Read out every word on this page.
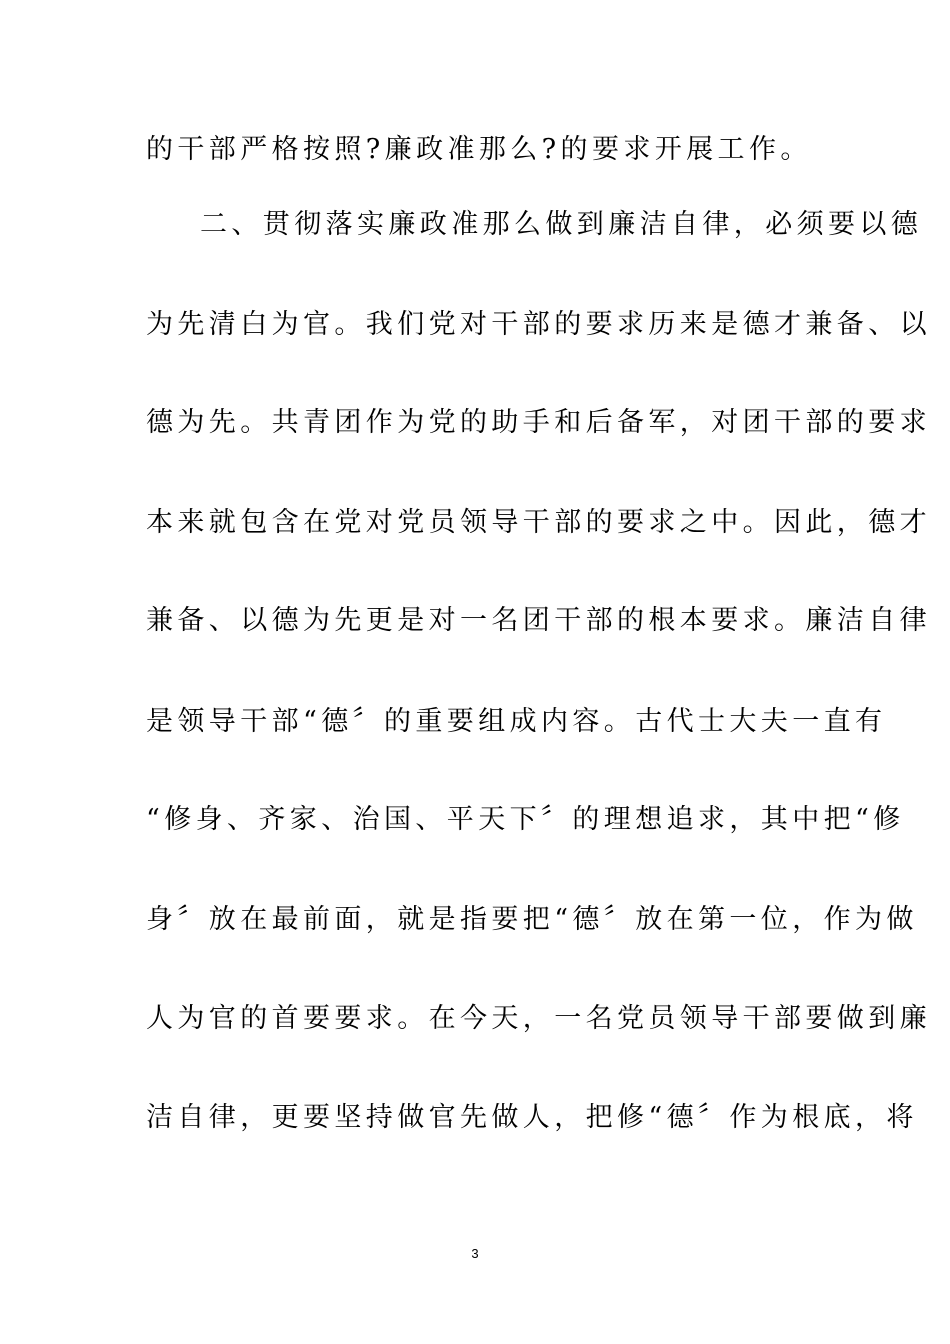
的干部严格按照?廉政准那么?的要求开展工作。
二、贯彻落实廉政准那么做到廉洁自律，必须要以德
为先清白为官。我们党对干部的要求历来是德才兼备、以
德为先。共青团作为党的助手和后备军，对团干部的要求
本来就包含在党对党员领导干部的要求之中。因此，德才
兼备、以德为先更是对一名团干部的根本要求。廉洁自律
是领导干部“德〞的重要组成内容。古代士大夫一直有
“修身、齐家、治国、平天下〞的理想追求，其中把“修
身〞放在最前面，就是指要把“德〞放在第一位，作为做
人为官的首要要求。在今天，一名党员领导干部要做到廉
洁自律，更要坚持做官先做人，把修“德〞作为根底，将
3
